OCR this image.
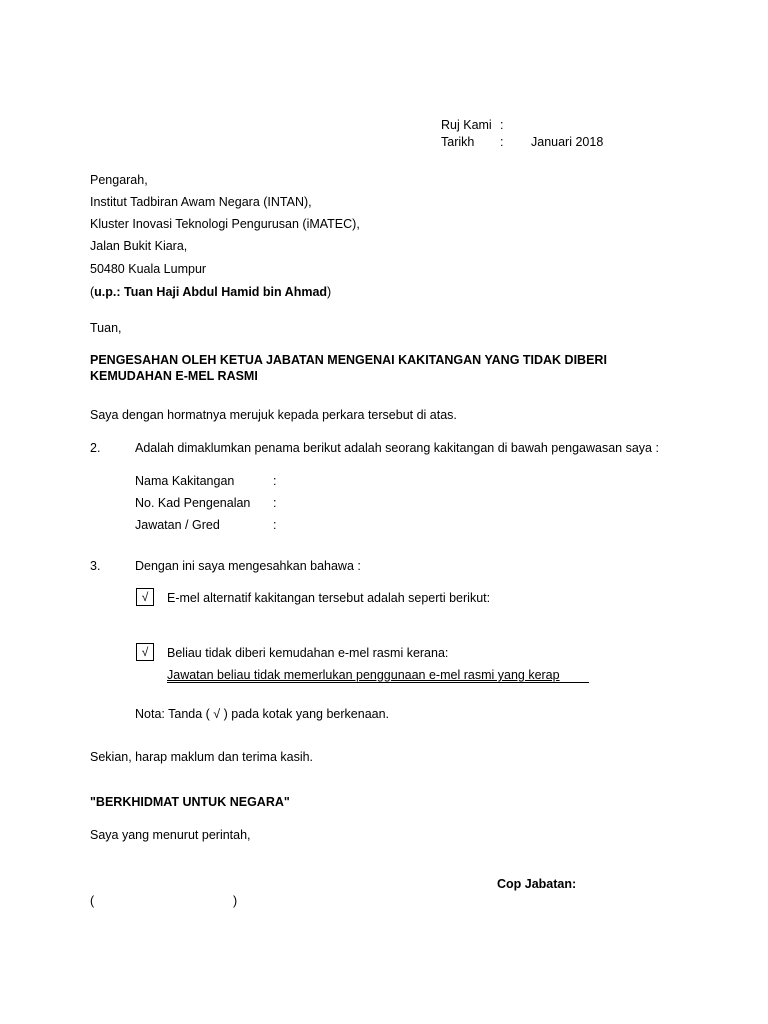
Ruj Kami :
Tarikh : Januari 2018
Pengarah,
Institut Tadbiran Awam Negara (INTAN),
Kluster Inovasi Teknologi Pengurusan (iMATEC),
Jalan Bukit Kiara,
50480 Kuala Lumpur
(u.p.: Tuan Haji Abdul Hamid bin Ahmad)
Tuan,
PENGESAHAN OLEH KETUA JABATAN MENGENAI KAKITANGAN YANG TIDAK DIBERI
KEMUDAHAN E-MEL RASMI
Saya dengan hormatnya merujuk kepada perkara tersebut di atas.
2.	Adalah dimaklumkan penama berikut adalah seorang kakitangan di bawah pengawasan saya :
Nama Kakitangan	:
No. Kad Pengenalan :
Jawatan / Gred	:
3.	Dengan ini saya mengesahkan bahawa :
√	E-mel alternatif kakitangan tersebut adalah seperti berikut:
√	Beliau tidak diberi kemudahan e-mel rasmi kerana:
Jawatan beliau tidak memerlukan penggunaan e-mel rasmi yang kerap
Nota: Tanda ( √ ) pada kotak yang berkenaan.
Sekian, harap maklum dan terima kasih.
"BERKHIDMAT UNTUK NEGARA"
Saya yang menurut perintah,
Cop Jabatan:
(	)
